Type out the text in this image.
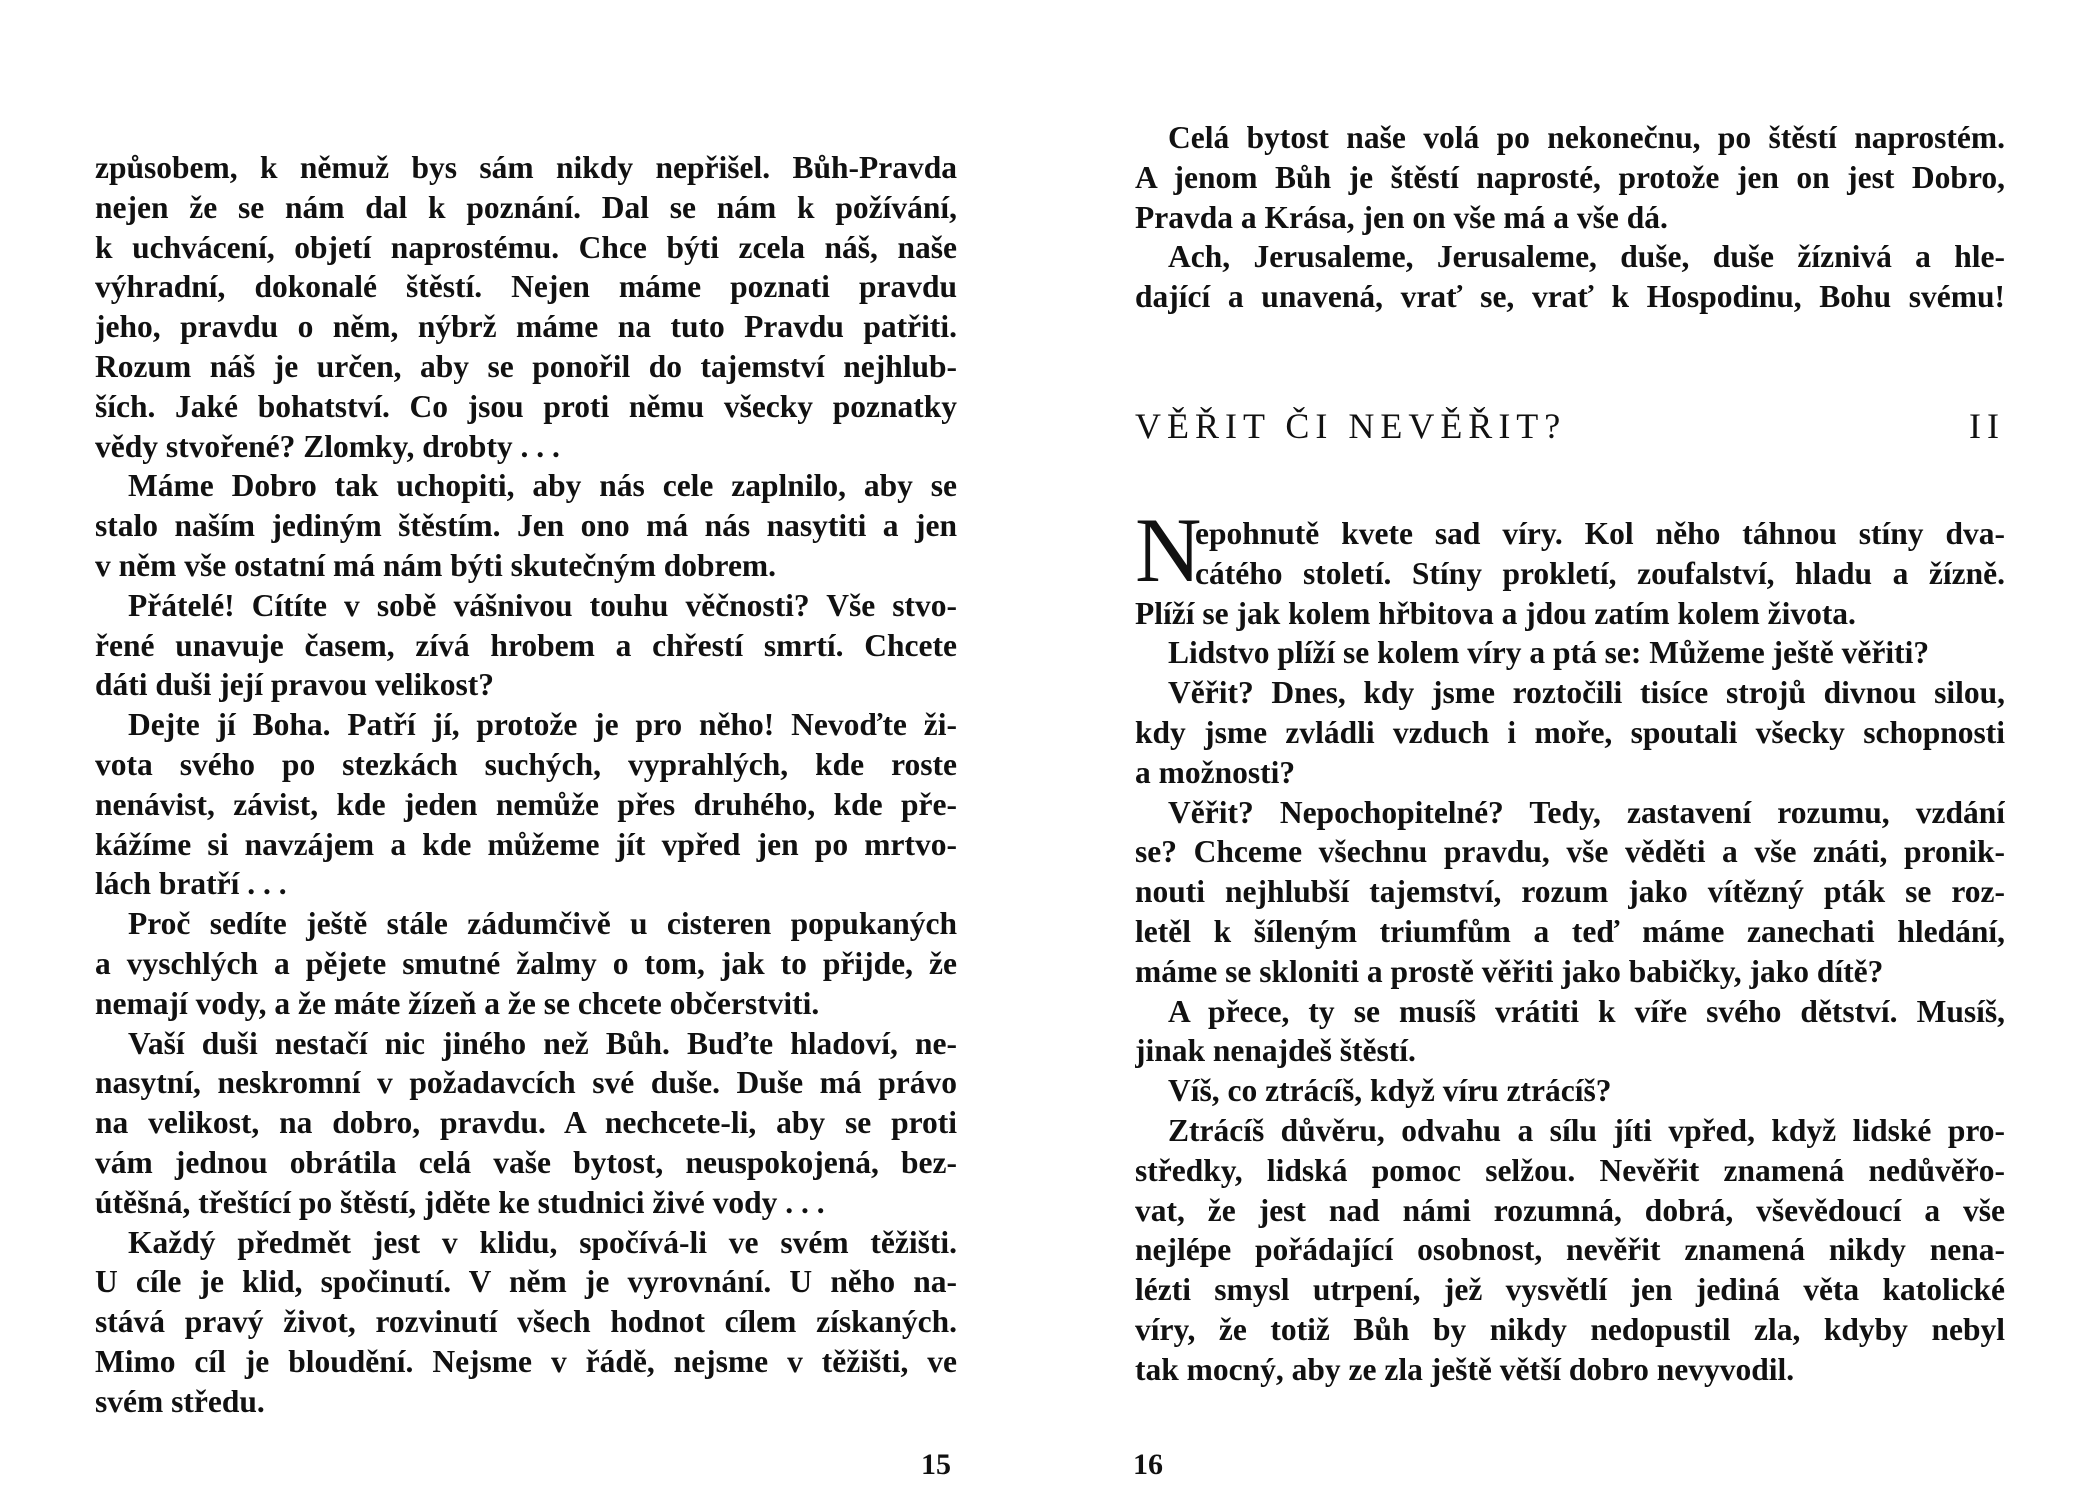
způsobem, k němuž bys sám nikdy nepřišel. Bůh-Pravda
nejen že se nám dal k poznání. Dal se nám k požívání,
k uchvácení, objetí naprostému. Chce býti zcela náš, naše
výhradní, dokonalé štěstí. Nejen máme poznati pravdu
jeho, pravdu o něm, nýbrž máme na tuto Pravdu patřiti.
Rozum náš je určen, aby se ponořil do tajemství nejhlub-
ších. Jaké bohatství. Co jsou proti němu všecky poznatky
vědy stvořené? Zlomky, drobty . . .
Máme Dobro tak uchopiti, aby nás cele zaplnilo, aby se
stalo naším jediným štěstím. Jen ono má nás nasytiti a jen
v něm vše ostatní má nám býti skutečným dobrem.
Přátelé! Cítíte v sobě vášnivou touhu věčnosti? Vše stvo-
řené unavuje časem, zívá hrobem a chřestí smrtí. Chcete
dáti duši její pravou velikost?
Dejte jí Boha. Patří jí, protože je pro něho! Nevoďte ži-
vota svého po stezkách suchých, vyprahlých, kde roste
nenávist, závist, kde jeden nemůže přes druhého, kde pře-
kážíme si navzájem a kde můžeme jít vpřed jen po mrtvo-
lách bratří . . .
Proč sedíte ještě stále zádumčivě u cisteren popukaných
a vyschlých a pějete smutné žalmy o tom, jak to přijde, že
nemají vody, a že máte žízeň a že se chcete občerstviti.
Vaší duši nestačí nic jiného než Bůh. Buďte hladoví, ne-
nasytní, neskromní v požadavcích své duše. Duše má právo
na velikost, na dobro, pravdu. A nechcete-li, aby se proti
vám jednou obrátila celá vaše bytost, neuspokojená, bez-
útěšná, třeštící po štěstí, jděte ke studnici živé vody . . .
Každý předmět jest v klidu, spočívá-li ve svém těžišti.
U cíle je klid, spočinutí. V něm je vyrovnání. U něho na-
stává pravý život, rozvinutí všech hodnot cílem získaných.
Mimo cíl je bloudění. Nejsme v řádě, nejsme v těžišti, ve
svém středu.
15
Celá bytost naše volá po nekonečnu, po štěstí naprostém.
A jenom Bůh je štěstí naprosté, protože jen on jest Dobro,
Pravda a Krása, jen on vše má a vše dá.
Ach, Jerusaleme, Jerusaleme, duše, duše žíznivá a hle-
dající a unavená, vrať se, vrať k Hospodinu, Bohu svému!
VĚŘIT ČI NEVĚŘIT?	II
N
epohnutě kvete sad víry. Kol něho táhnou stíny dva-
cátého století. Stíny prokletí, zoufalství, hladu a žízně.
Plíží se jak kolem hřbitova a jdou zatím kolem života.
Lidstvo plíží se kolem víry a ptá se: Můžeme ještě věřiti?
Věřit? Dnes, kdy jsme roztočili tisíce strojů divnou silou,
kdy jsme zvládli vzduch i moře, spoutali všecky schopnosti
a možnosti?
Věřit? Nepochopitelné? Tedy, zastavení rozumu, vzdání
se? Chceme všechnu pravdu, vše věděti a vše znáti, pronik-
nouti nejhlubší tajemství, rozum jako vítězný pták se roz-
letěl k šíleným triumfům a teď máme zanechati hledání,
máme se skloniti a prostě věřiti jako babičky, jako dítě?
A přece, ty se musíš vrátiti k víře svého dětství. Musíš,
jinak nenajdeš štěstí.
Víš, co ztrácíš, když víru ztrácíš?
Ztrácíš důvěru, odvahu a sílu jíti vpřed, když lidské pro-
středky, lidská pomoc selžou. Nevěřit znamená nedůvěřo-
vat, že jest nad námi rozumná, dobrá, vševědoucí a vše
nejlépe pořádající osobnost, nevěřit znamená nikdy nena-
lézti smysl utrpení, jež vysvětlí jen jediná věta katolické
víry, že totiž Bůh by nikdy nedopustil zla, kdyby nebyl
tak mocný, aby ze zla ještě větší dobro nevyvodil.
16
